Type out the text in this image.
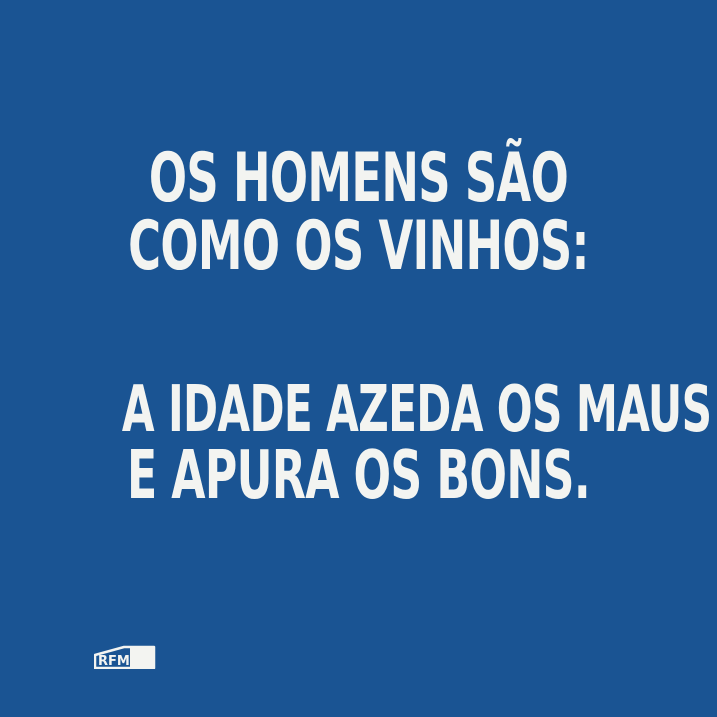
OS HOMENS SÃO
COMO OS VINHOS:
A IDADE AZEDA OS MAUS
E APURA OS BONS.
RFM
